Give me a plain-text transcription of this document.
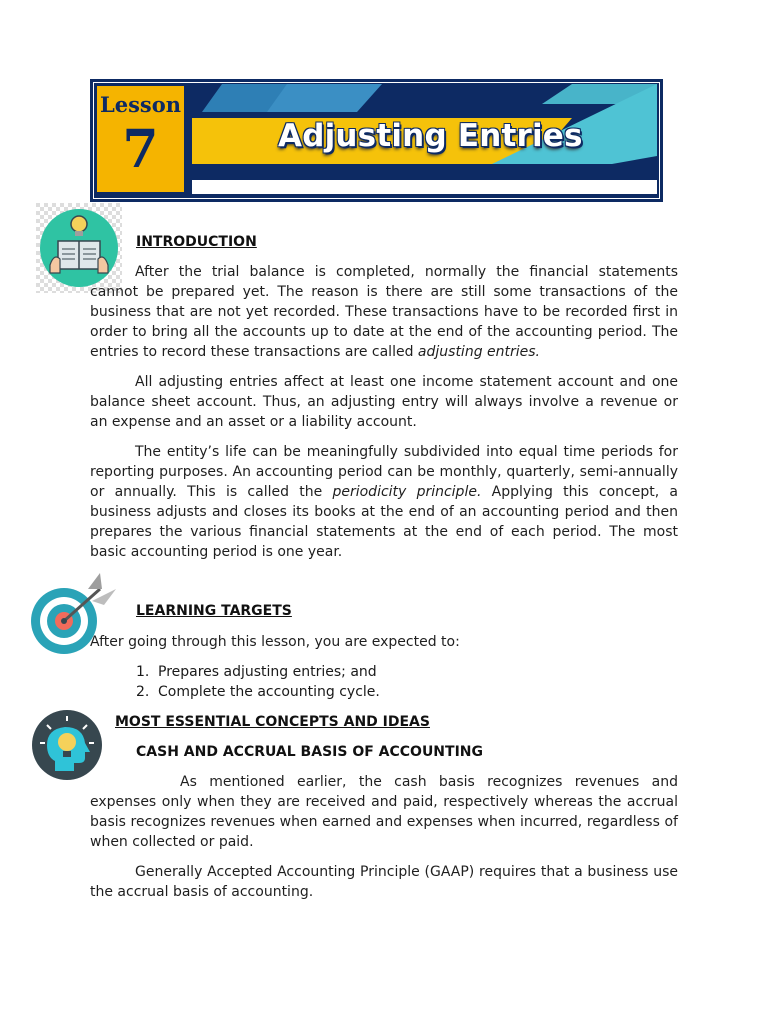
Lesson
7	Adjusting Entries
INTRODUCTION

After the trial balance is completed, normally the financial statements cannot be prepared yet. The reason is there are still some transactions of the business that are not yet recorded. These transactions have to be recorded first in order to bring all the accounts up to date at the end of the accounting period. The entries to record these transactions are called adjusting entries.

All adjusting entries affect at least one income statement account and one balance sheet account. Thus, an adjusting entry will always involve a revenue or an expense and an asset or a liability account.

The entity’s life can be meaningfully subdivided into equal time periods for reporting purposes. An accounting period can be monthly, quarterly, semi-annually or annually. This is called the periodicity principle. Applying this concept, a business adjusts and closes its books at the end of an accounting period and then prepares the various financial statements at the end of each period. The most basic accounting period is one year.

LEARNING TARGETS

After going through this lesson, you are expected to:

1. Prepares adjusting entries; and
2. Complete the accounting cycle.
MOST ESSENTIAL CONCEPTS AND IDEAS
CASH AND ACCRUAL BASIS OF ACCOUNTING

As mentioned earlier, the cash basis recognizes revenues and expenses only when they are received and paid, respectively whereas the accrual basis recognizes revenues when earned and expenses when incurred, regardless of when collected or paid.

Generally Accepted Accounting Principle (GAAP) requires that a business use the accrual basis of accounting.
